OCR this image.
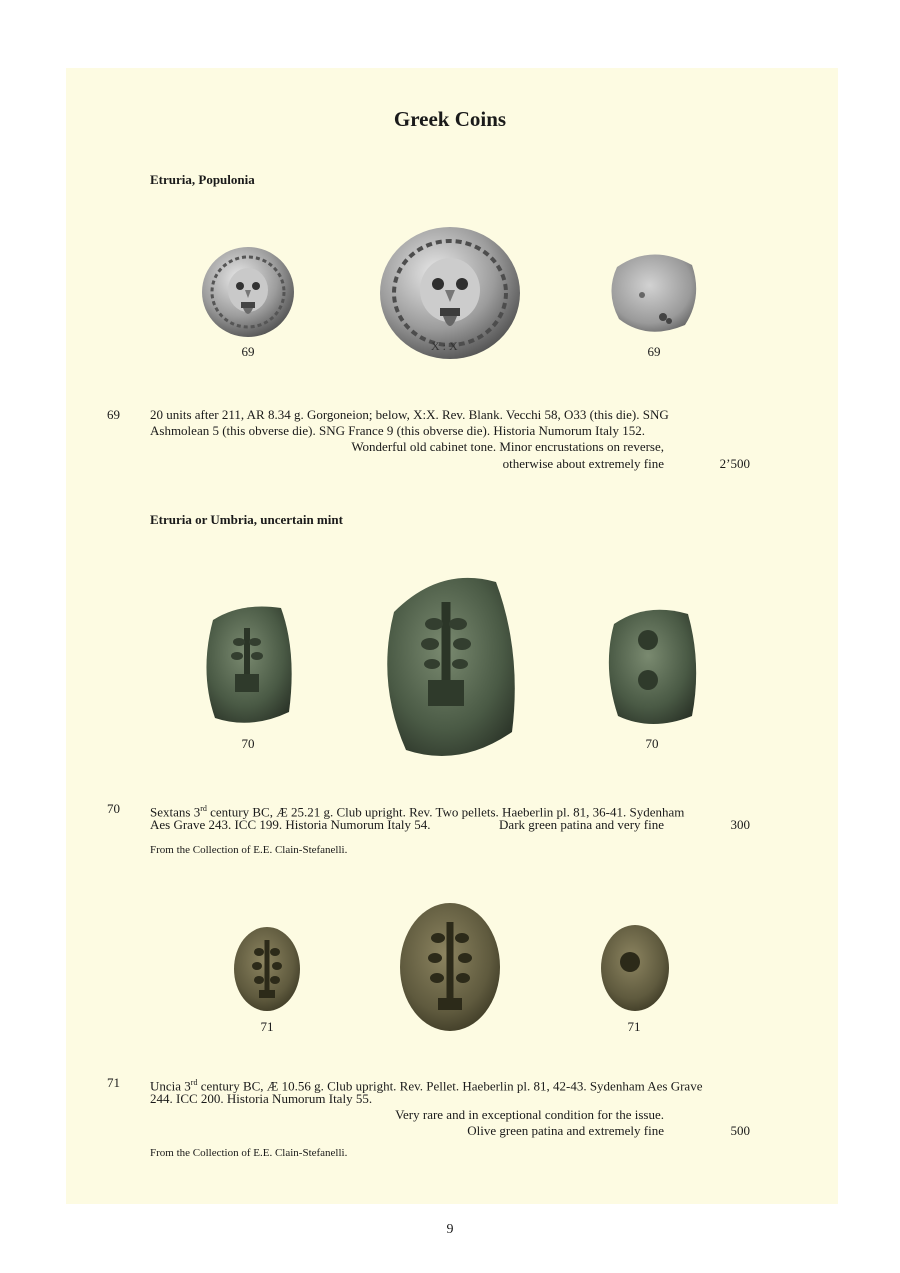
Greek Coins
Etruria, Populonia
69	X : X	69
69 20 units after 211, AR 8.34 g. Gorgoneion; below, X:X. Rev. Blank. Vecchi 58, O33 (this die). SNG
Ashmolean 5 (this obverse die). SNG France 9 (this obverse die). Historia Numorum Italy 152.
Wonderful old cabinet tone. Minor encrustations on reverse,
otherwise about extremely fine	2’500
Etruria or Umbria, uncertain mint
70	70
70 Sextans 3rd century BC, Æ 25.21 g. Club upright. Rev. Two pellets. Haeberlin pl. 81, 36-41. Sydenham
Aes Grave 243. ICC 199. Historia Numorum Italy 54.	Dark green patina and very fine	300
From the Collection of E.E. Clain-Stefanelli.
71	71
71 Uncia 3rd century BC, Æ 10.56 g. Club upright. Rev. Pellet. Haeberlin pl. 81, 42-43. Sydenham Aes Grave
244. ICC 200. Historia Numorum Italy 55.
Very rare and in exceptional condition for the issue.
Olive green patina and extremely fine	500
From the Collection of E.E. Clain-Stefanelli.
9
